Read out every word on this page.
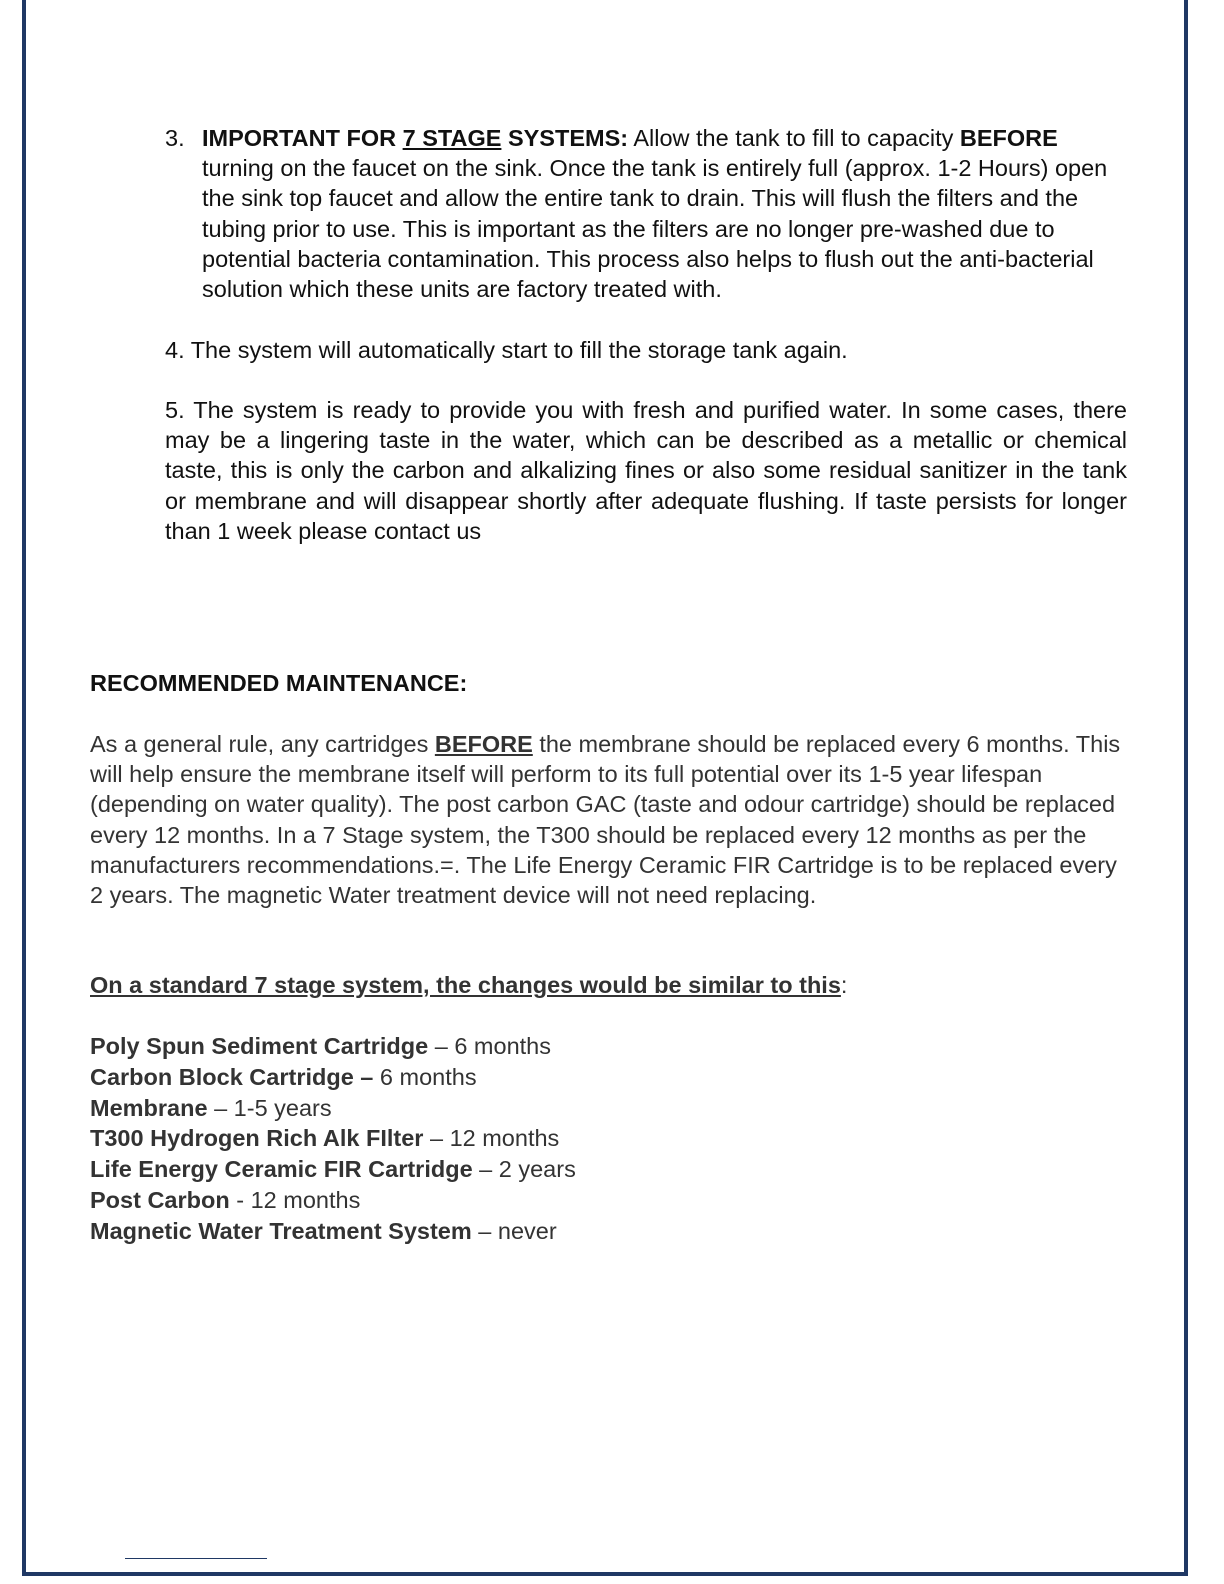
3. IMPORTANT FOR 7 STAGE SYSTEMS: Allow the tank to fill to capacity BEFORE turning on the faucet on the sink. Once the tank is entirely full (approx. 1-2 Hours) open the sink top faucet and allow the entire tank to drain. This will flush the filters and the tubing prior to use. This is important as the filters are no longer pre-washed due to potential bacteria contamination. This process also helps to flush out the anti-bacterial solution which these units are factory treated with.
4. The system will automatically start to fill the storage tank again.
5. The system is ready to provide you with fresh and purified water. In some cases, there may be a lingering taste in the water, which can be described as a metallic or chemical taste, this is only the carbon and alkalizing fines or also some residual sanitizer in the tank or membrane and will disappear shortly after adequate flushing. If taste persists for longer than 1 week please contact us
RECOMMENDED MAINTENANCE:
As a general rule, any cartridges BEFORE the membrane should be replaced every 6 months. This will help ensure the membrane itself will perform to its full potential over its 1-5 year lifespan (depending on water quality). The post carbon GAC (taste and odour cartridge) should be replaced every 12 months. In a 7 Stage system, the T300 should be replaced every 12 months as per the manufacturers recommendations.=. The Life Energy Ceramic FIR Cartridge is to be replaced every 2 years. The magnetic Water treatment device will not need replacing.
On a standard 7 stage system, the changes would be similar to this:
Poly Spun Sediment Cartridge – 6 months
Carbon Block Cartridge – 6 months
Membrane – 1-5 years
T300 Hydrogen Rich Alk FIlter – 12 months
Life Energy Ceramic FIR Cartridge – 2 years
Post Carbon - 12 months
Magnetic Water Treatment System – never
